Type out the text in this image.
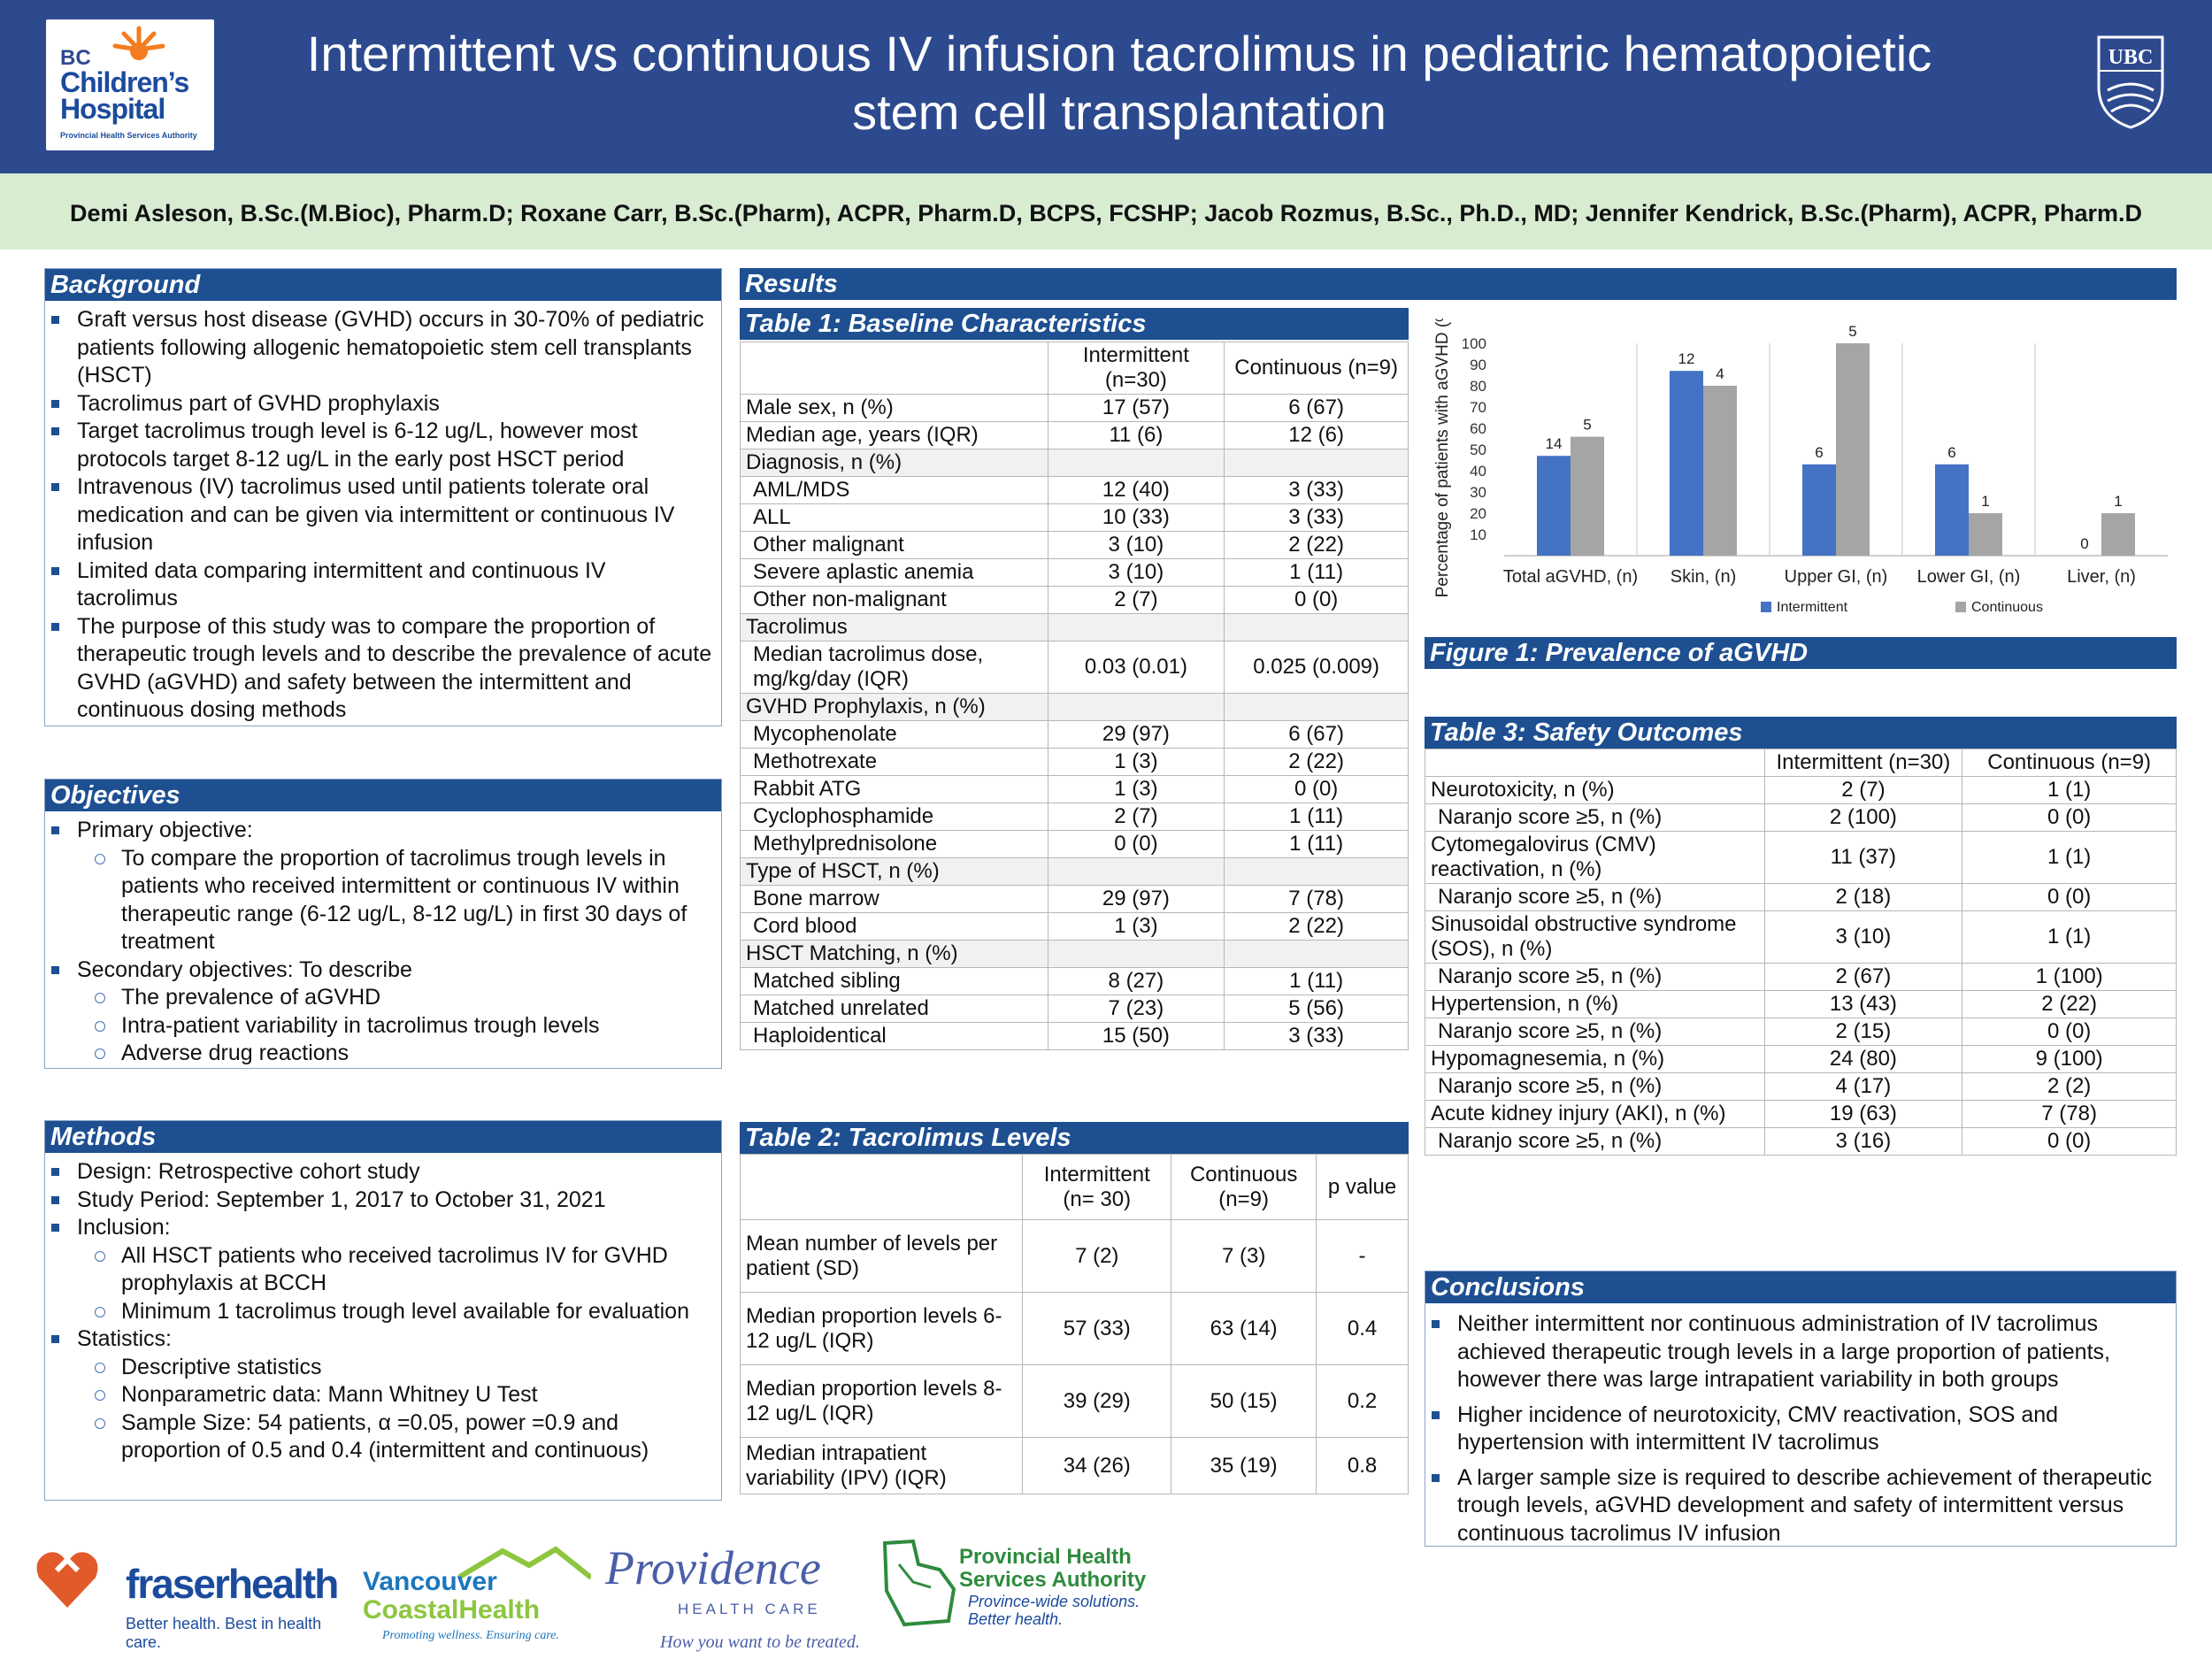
BC
Children’s Hospital
Provincial Health Services Authority
Intermittent vs continuous IV infusion tacrolimus in pediatric hematopoietic
stem cell transplantation
UBC
Demi Asleson, B.Sc.(M.Bioc), Pharm.D; Roxane Carr, B.Sc.(Pharm), ACPR, Pharm.D, BCPS, FCSHP; Jacob Rozmus, B.Sc., Ph.D., MD; Jennifer Kendrick, B.Sc.(Pharm), ACPR, Pharm.D
Background
Graft versus host disease (GVHD) occurs in 30-70% of pediatric patients following allogenic hematopoietic stem cell transplants (HSCT)
Tacrolimus part of GVHD prophylaxis
Target tacrolimus trough level is 6-12 ug/L, however most protocols target 8-12 ug/L in the early post HSCT period
Intravenous (IV) tacrolimus used until patients tolerate oral medication and can be given via intermittent or continuous IV infusion
Limited data comparing intermittent and continuous IV tacrolimus
The purpose of this study was to compare the proportion of therapeutic trough levels and to describe the prevalence of acute GVHD (aGVHD) and safety between the intermittent and continuous dosing methods
Objectives
Primary objective:
To compare the proportion of tacrolimus trough levels in patients who received intermittent or continuous IV within therapeutic range (6-12 ug/L, 8-12 ug/L) in first 30 days of treatment
Secondary objectives: To describe
The prevalence of aGVHD
Intra-patient variability in tacrolimus trough levels
Adverse drug reactions
Methods
Design: Retrospective cohort study
Study Period: September 1, 2017 to October 31, 2021
Inclusion:
All HSCT patients who received tacrolimus IV for GVHD prophylaxis at BCCH
Minimum 1 tacrolimus trough level available for evaluation
Statistics:
Descriptive statistics
Nonparametric data: Mann Whitney U Test
Sample Size: 54 patients, α =0.05, power =0.9 and proportion of 0.5 and 0.4 (intermittent and continuous)
Results
Table 1: Baseline Characteristics
	Intermittent (n=30)	Continuous (n=9)
Male sex, n (%)	17 (57)	6 (67)
Median age, years (IQR)	11 (6)	12 (6)
Diagnosis, n (%)		
AML/MDS	12 (40)	3 (33)
ALL	10 (33)	3 (33)
Other malignant	3 (10)	2 (22)
Severe aplastic anemia	3 (10)	1 (11)
Other non-malignant	2 (7)	0 (0)
Tacrolimus		
Median tacrolimus dose, mg/kg/day (IQR)	0.03 (0.01)	0.025 (0.009)
GVHD Prophylaxis, n (%)		
Mycophenolate	29 (97)	6 (67)
Methotrexate	1 (3)	2 (22)
Rabbit ATG	1 (3)	0 (0)
Cyclophosphamide	2 (7)	1 (11)
Methylprednisolone	0 (0)	1 (11)
Type of HSCT, n (%)		
Bone marrow	29 (97)	7 (78)
Cord blood	1 (3)	2 (22)
HSCT Matching, n (%)		
Matched sibling	8 (27)	1 (11)
Matched unrelated	7 (23)	5 (56)
Haploidentical	15 (50)	3 (33)
Table 2: Tacrolimus Levels
	Intermittent (n= 30)	Continuous (n=9)	p value
Mean number of levels per patient (SD)	7 (2)	7 (3)	-
Median proportion levels 6-12 ug/L (IQR)	57 (33)	63 (14)	0.4
Median proportion levels 8-12 ug/L (IQR)	39 (29)	50 (15)	0.2
Median intrapatient variability (IPV) (IQR)	34 (26)	35 (19)	0.8
10
20
30
40
50
60
70
80
90
100
Percentage of patients with aGVHD (%)	14
5
Total aGVHD, (n)
12
4
Skin, (n)
6
5
Upper GI, (n)
6
1
Lower GI, (n)
0
1
Liver, (n)
Intermittent	Continuous
Figure 1: Prevalence of aGVHD
Table 3: Safety Outcomes
	Intermittent (n=30)	Continuous (n=9)
Neurotoxicity, n (%)	2 (7)	1 (1)
Naranjo score ≥5, n (%)	2 (100)	0 (0)
Cytomegalovirus (CMV) reactivation, n (%)	11 (37)	1 (1)
Naranjo score ≥5, n (%)	2 (18)	0 (0)
Sinusoidal obstructive syndrome (SOS), n (%)	3 (10)	1 (1)
Naranjo score ≥5, n (%)	2 (67)	1 (100)
Hypertension, n (%)	13 (43)	2 (22)
Naranjo score ≥5, n (%)	2 (15)	0 (0)
Hypomagnesemia, n (%)	24 (80)	9 (100)
Naranjo score ≥5, n (%)	4 (17)	2 (2)
Acute kidney injury (AKI), n (%)	19 (63)	7 (78)
Naranjo score ≥5, n (%)	3 (16)	0 (0)
Conclusions
Neither intermittent nor continuous administration of IV tacrolimus achieved therapeutic trough levels in a large proportion of patients, however there was large intrapatient variability in both groups
Higher incidence of neurotoxicity, CMV reactivation, SOS and hypertension with intermittent IV tacrolimus
A larger sample size is required to describe achievement of therapeutic trough levels, aGVHD development and safety of intermittent versus continuous tacrolimus IV infusion
fraserhealth
Better health. Best in health care.
Vancouver
CoastalHealth
Promoting wellness. Ensuring care.
Providence
HEALTH CARE
How you want to be treated.
Provincial Health
Services Authority
Province-wide solutions.
Better health.
